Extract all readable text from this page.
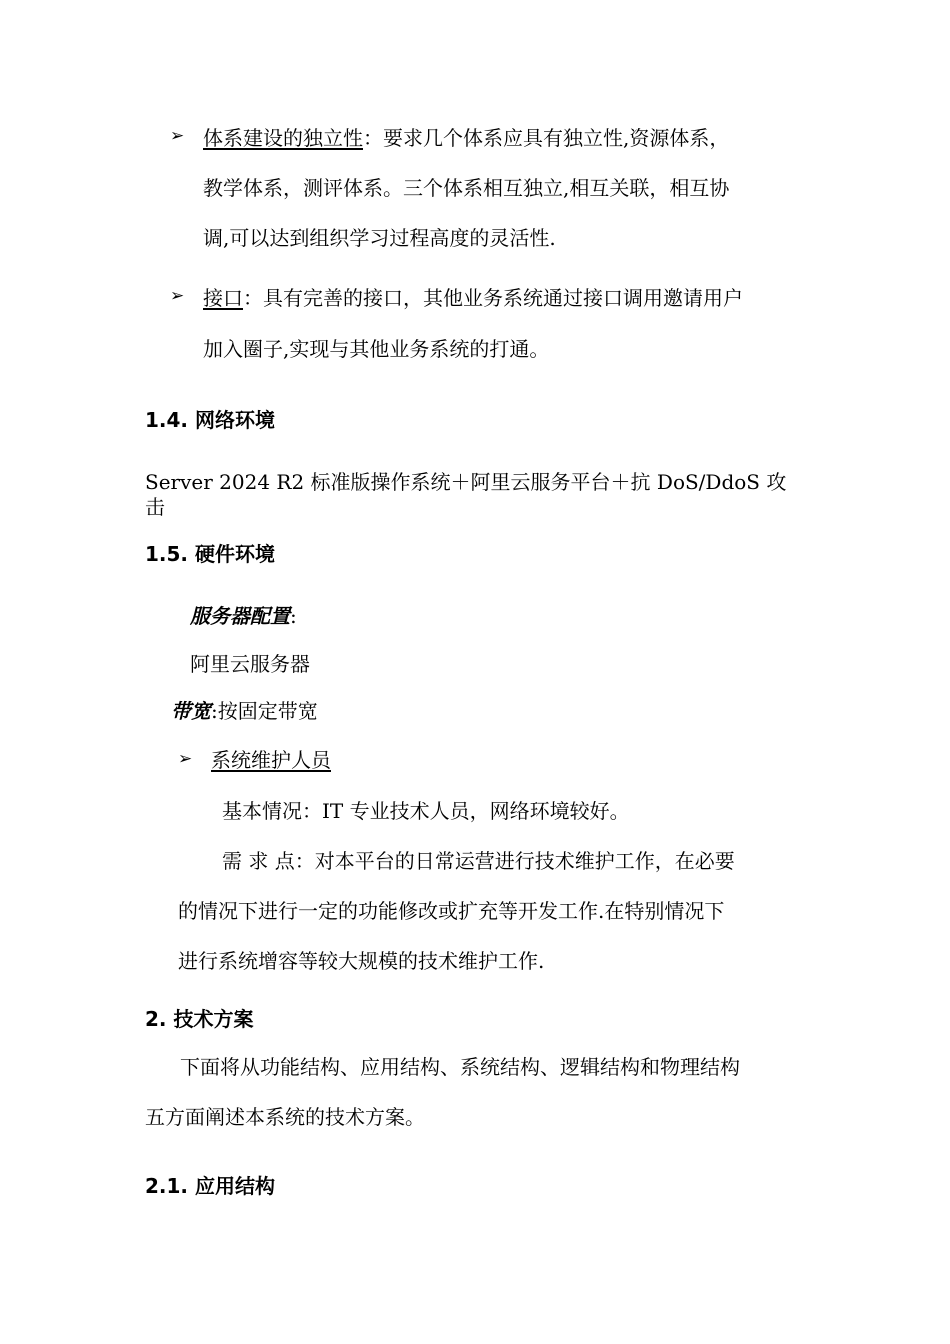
➢ 体系建设的独立性：要求几个体系应具有独立性,资源体系，
教学体系，测评体系。三个体系相互独立,相互关联，相互协
调,可以达到组织学习过程高度的灵活性.
➢ 接口：具有完善的接口，其他业务系统通过接口调用邀请用户
加入圈子,实现与其他业务系统的打通。
1.4. 网络环境
Server 2024 R2 标准版操作系统＋阿里云服务平台＋抗 DoS/DdoS 攻
击
1.5. 硬件环境
服务器配置:
阿里云服务器
带宽:按固定带宽
➢ 系统维护人员
基本情况：IT 专业技术人员，网络环境较好。
需 求 点：对本平台的日常运营进行技术维护工作，在必要
的情况下进行一定的功能修改或扩充等开发工作.在特别情况下
进行系统增容等较大规模的技术维护工作.
2. 技术方案
下面将从功能结构、应用结构、系统结构、逻辑结构和物理结构
五方面阐述本系统的技术方案。
2.1. 应用结构
